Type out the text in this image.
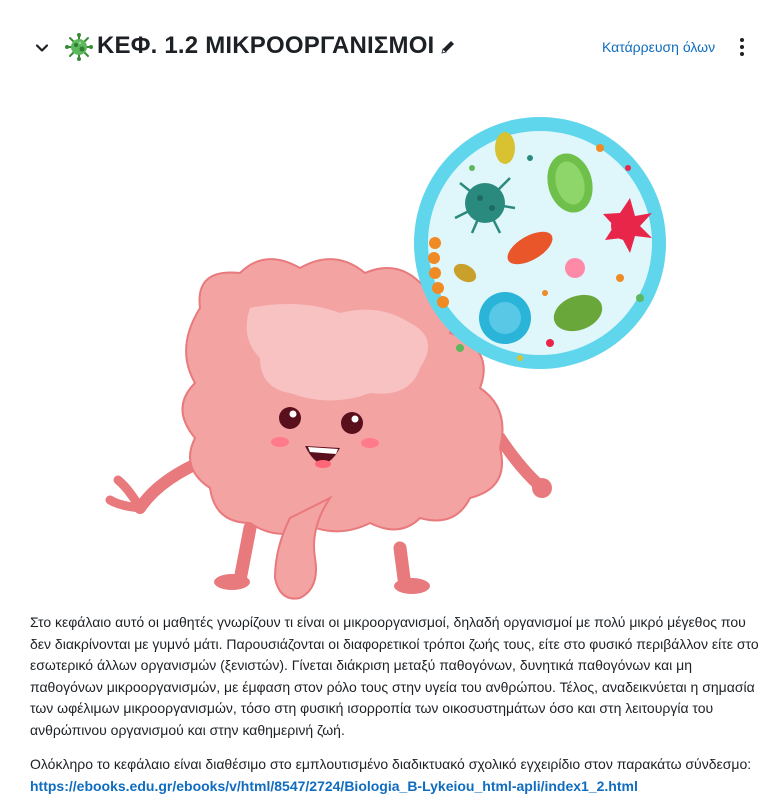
ΚΕΦ. 1.2 ΜΙΚΡΟΟΡΓΑΝΙΣΜΟΙ	Κατάρρευση όλων

Στο κεφάλαιο αυτό οι μαθητές γνωρίζουν τι είναι οι μικροοργανισμοί, δηλαδή οργανισμοί με πολύ μικρό μέγεθος που δεν διακρίνονται με γυμνό μάτι. Παρουσιάζονται οι διαφορετικοί τρόποι ζωής τους, είτε στο φυσικό περιβάλλον είτε στο εσωτερικό άλλων οργανισμών (ξενιστών). Γίνεται διάκριση μεταξύ παθογόνων, δυνητικά παθογόνων και μη παθογόνων μικροοργανισμών, με έμφαση στον ρόλο τους στην υγεία του ανθρώπου. Τέλος, αναδεικνύεται η σημασία των ωφέλιμων μικροοργανισμών, τόσο στη φυσική ισορροπία των οικοσυστημάτων όσο και στη λειτουργία του ανθρώπινου οργανισμού και στην καθημερινή ζωή.

Ολόκληρο το κεφάλαιο είναι διαθέσιμο στο εμπλουτισμένο διαδικτυακό σχολικό εγχειρίδιο στον παρακάτω σύνδεσμο: https://ebooks.edu.gr/ebooks/v/html/8547/2724/Biologia_B-Lykeiou_html-apli/index1_2.html
